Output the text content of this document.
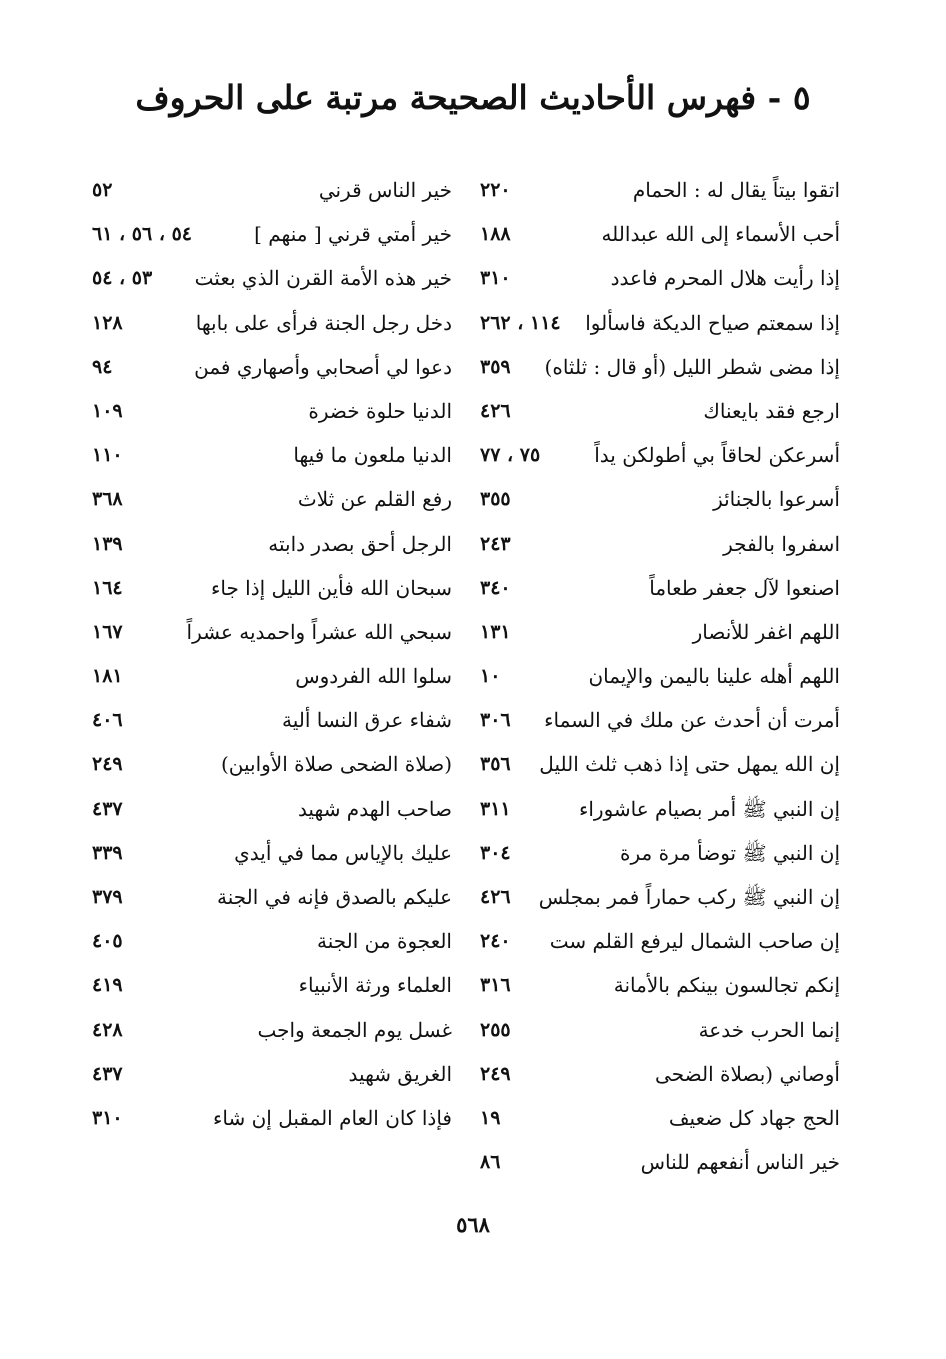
٥ - فهرس الأحاديث الصحيحة مرتبة على الحروف
اتقوا بيتاً يقال له : الحمام
٢٢٠
أحب الأسماء إلى الله عبدالله
١٨٨
إذا رأيت هلال المحرم فاعدد
٣١٠
إذا سمعتم صياح الديكة فاسألوا
١١٤ ، ٢٦٢
إذا مضى شطر الليل (أو قال : ثلثاه)
٣٥٩
ارجع فقد بايعناك
٤٢٦
أسرعكن لحاقاً بي أطولكن يداً
٧٥ ، ٧٧
أسرعوا بالجنائز
٣٥٥
اسفروا بالفجر
٢٤٣
اصنعوا لآل جعفر طعاماً
٣٤٠
اللهم اغفر للأنصار
١٣١
اللهم أهله علينا باليمن والإيمان
١٠
أمرت أن أحدث عن ملك في السماء
٣٠٦
إن الله يمهل حتى إذا ذهب ثلث الليل
٣٥٦
إن النبي ﷺ أمر بصيام عاشوراء
٣١١
إن النبي ﷺ توضأ مرة مرة
٣٠٤
إن النبي ﷺ ركب حماراً فمر بمجلس
٤٢٦
إن صاحب الشمال ليرفع القلم ست
٢٤٠
إنكم تجالسون بينكم بالأمانة
٣١٦
إنما الحرب خدعة
٢٥٥
أوصاني (بصلاة الضحى
٢٤٩
الحج جهاد كل ضعيف
١٩
خير الناس أنفعهم للناس
٨٦
خير الناس قرني
٥٢
خير أمتي قرني [ منهم ]
٥٤ ، ٥٦ ، ٦١
خير هذه الأمة القرن الذي بعثت
٥٣ ، ٥٤
دخل رجل الجنة فرأى على بابها
١٢٨
دعوا لي أصحابي وأصهاري فمن
٩٤
الدنيا حلوة خضرة
١٠٩
الدنيا ملعون ما فيها
١١٠
رفع القلم عن ثلاث
٣٦٨
الرجل أحق بصدر دابته
١٣٩
سبحان الله فأين الليل إذا جاء
١٦٤
سبحي الله عشراً واحمديه عشراً
١٦٧
سلوا الله الفردوس
١٨١
شفاء عرق النسا ألية
٤٠٦
(صلاة الضحى صلاة الأوابين)
٢٤٩
صاحب الهدم شهيد
٤٣٧
عليك بالإياس مما في أيدي
٣٣٩
عليكم بالصدق فإنه في الجنة
٣٧٩
العجوة من الجنة
٤٠٥
العلماء ورثة الأنبياء
٤١٩
غسل يوم الجمعة واجب
٤٢٨
الغريق شهيد
٤٣٧
فإذا كان العام المقبل إن شاء
٣١٠
٥٦٨
